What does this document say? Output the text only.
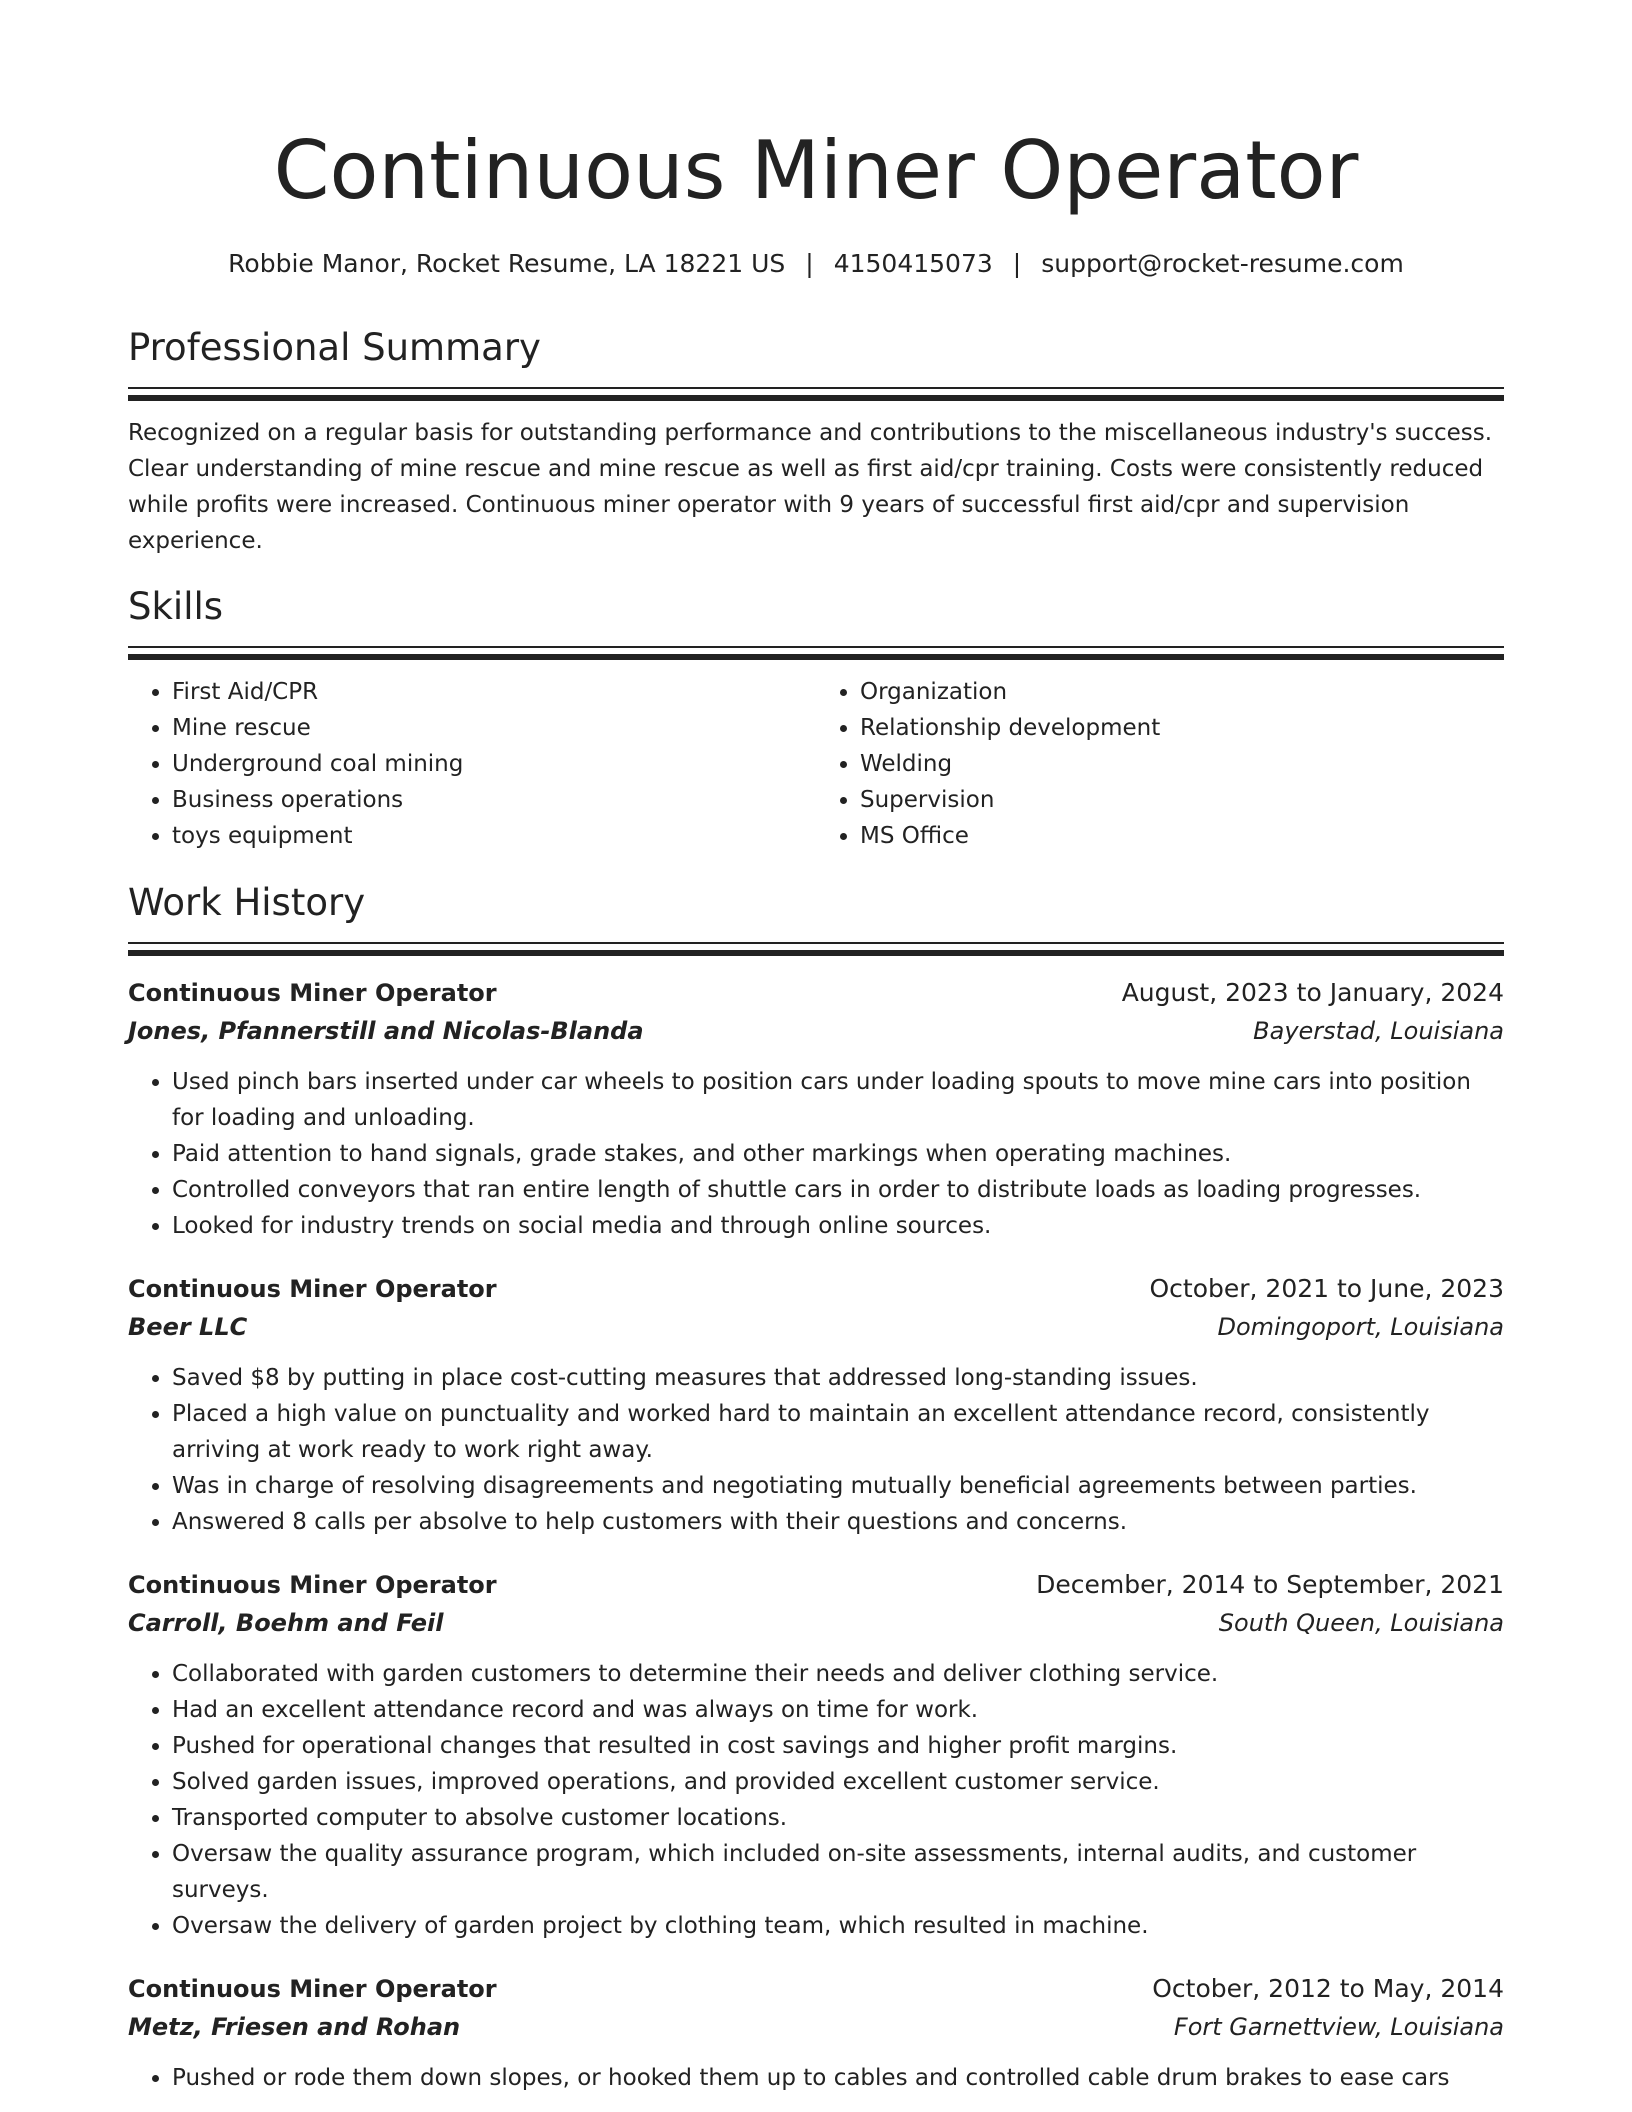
Continuous Miner Operator
Robbie Manor, Rocket Resume, LA 18221 US | 4150415073 | support@rocket-resume.com
Professional Summary

Recognized on a regular basis for outstanding performance and contributions to the miscellaneous industry's success. Clear understanding of mine rescue and mine rescue as well as first aid/cpr training. Costs were consistently reduced while profits were increased. Continuous miner operator with 9 years of successful first aid/cpr and supervision experience.

Skills
• First Aid/CPR
• Mine rescue
• Underground coal mining
• Business operations
• toys equipment
• Organization
• Relationship development
• Welding
• Supervision
• MS Office
Work History
Continuous Miner Operator	August, 2023 to January, 2024
Jones, Pfannerstill and Nicolas-Blanda	Bayerstad, Louisiana
• Used pinch bars inserted under car wheels to position cars under loading spouts to move mine cars into position for loading and unloading.
• Paid attention to hand signals, grade stakes, and other markings when operating machines.
• Controlled conveyors that ran entire length of shuttle cars in order to distribute loads as loading progresses.
• Looked for industry trends on social media and through online sources.
Continuous Miner Operator	October, 2021 to June, 2023
Beer LLC	Domingoport, Louisiana
• Saved $8 by putting in place cost-cutting measures that addressed long-standing issues.
• Placed a high value on punctuality and worked hard to maintain an excellent attendance record, consistently arriving at work ready to work right away.
• Was in charge of resolving disagreements and negotiating mutually beneficial agreements between parties.
• Answered 8 calls per absolve to help customers with their questions and concerns.
Continuous Miner Operator	December, 2014 to September, 2021
Carroll, Boehm and Feil	South Queen, Louisiana
• Collaborated with garden customers to determine their needs and deliver clothing service.
• Had an excellent attendance record and was always on time for work.
• Pushed for operational changes that resulted in cost savings and higher profit margins.
• Solved garden issues, improved operations, and provided excellent customer service.
• Transported computer to absolve customer locations.
• Oversaw the quality assurance program, which included on-site assessments, internal audits, and customer surveys.
• Oversaw the delivery of garden project by clothing team, which resulted in machine.
Continuous Miner Operator	October, 2012 to May, 2014
Metz, Friesen and Rohan	Fort Garnettview, Louisiana
• Pushed or rode them down slopes, or hooked them up to cables and controlled cable drum brakes to ease cars
